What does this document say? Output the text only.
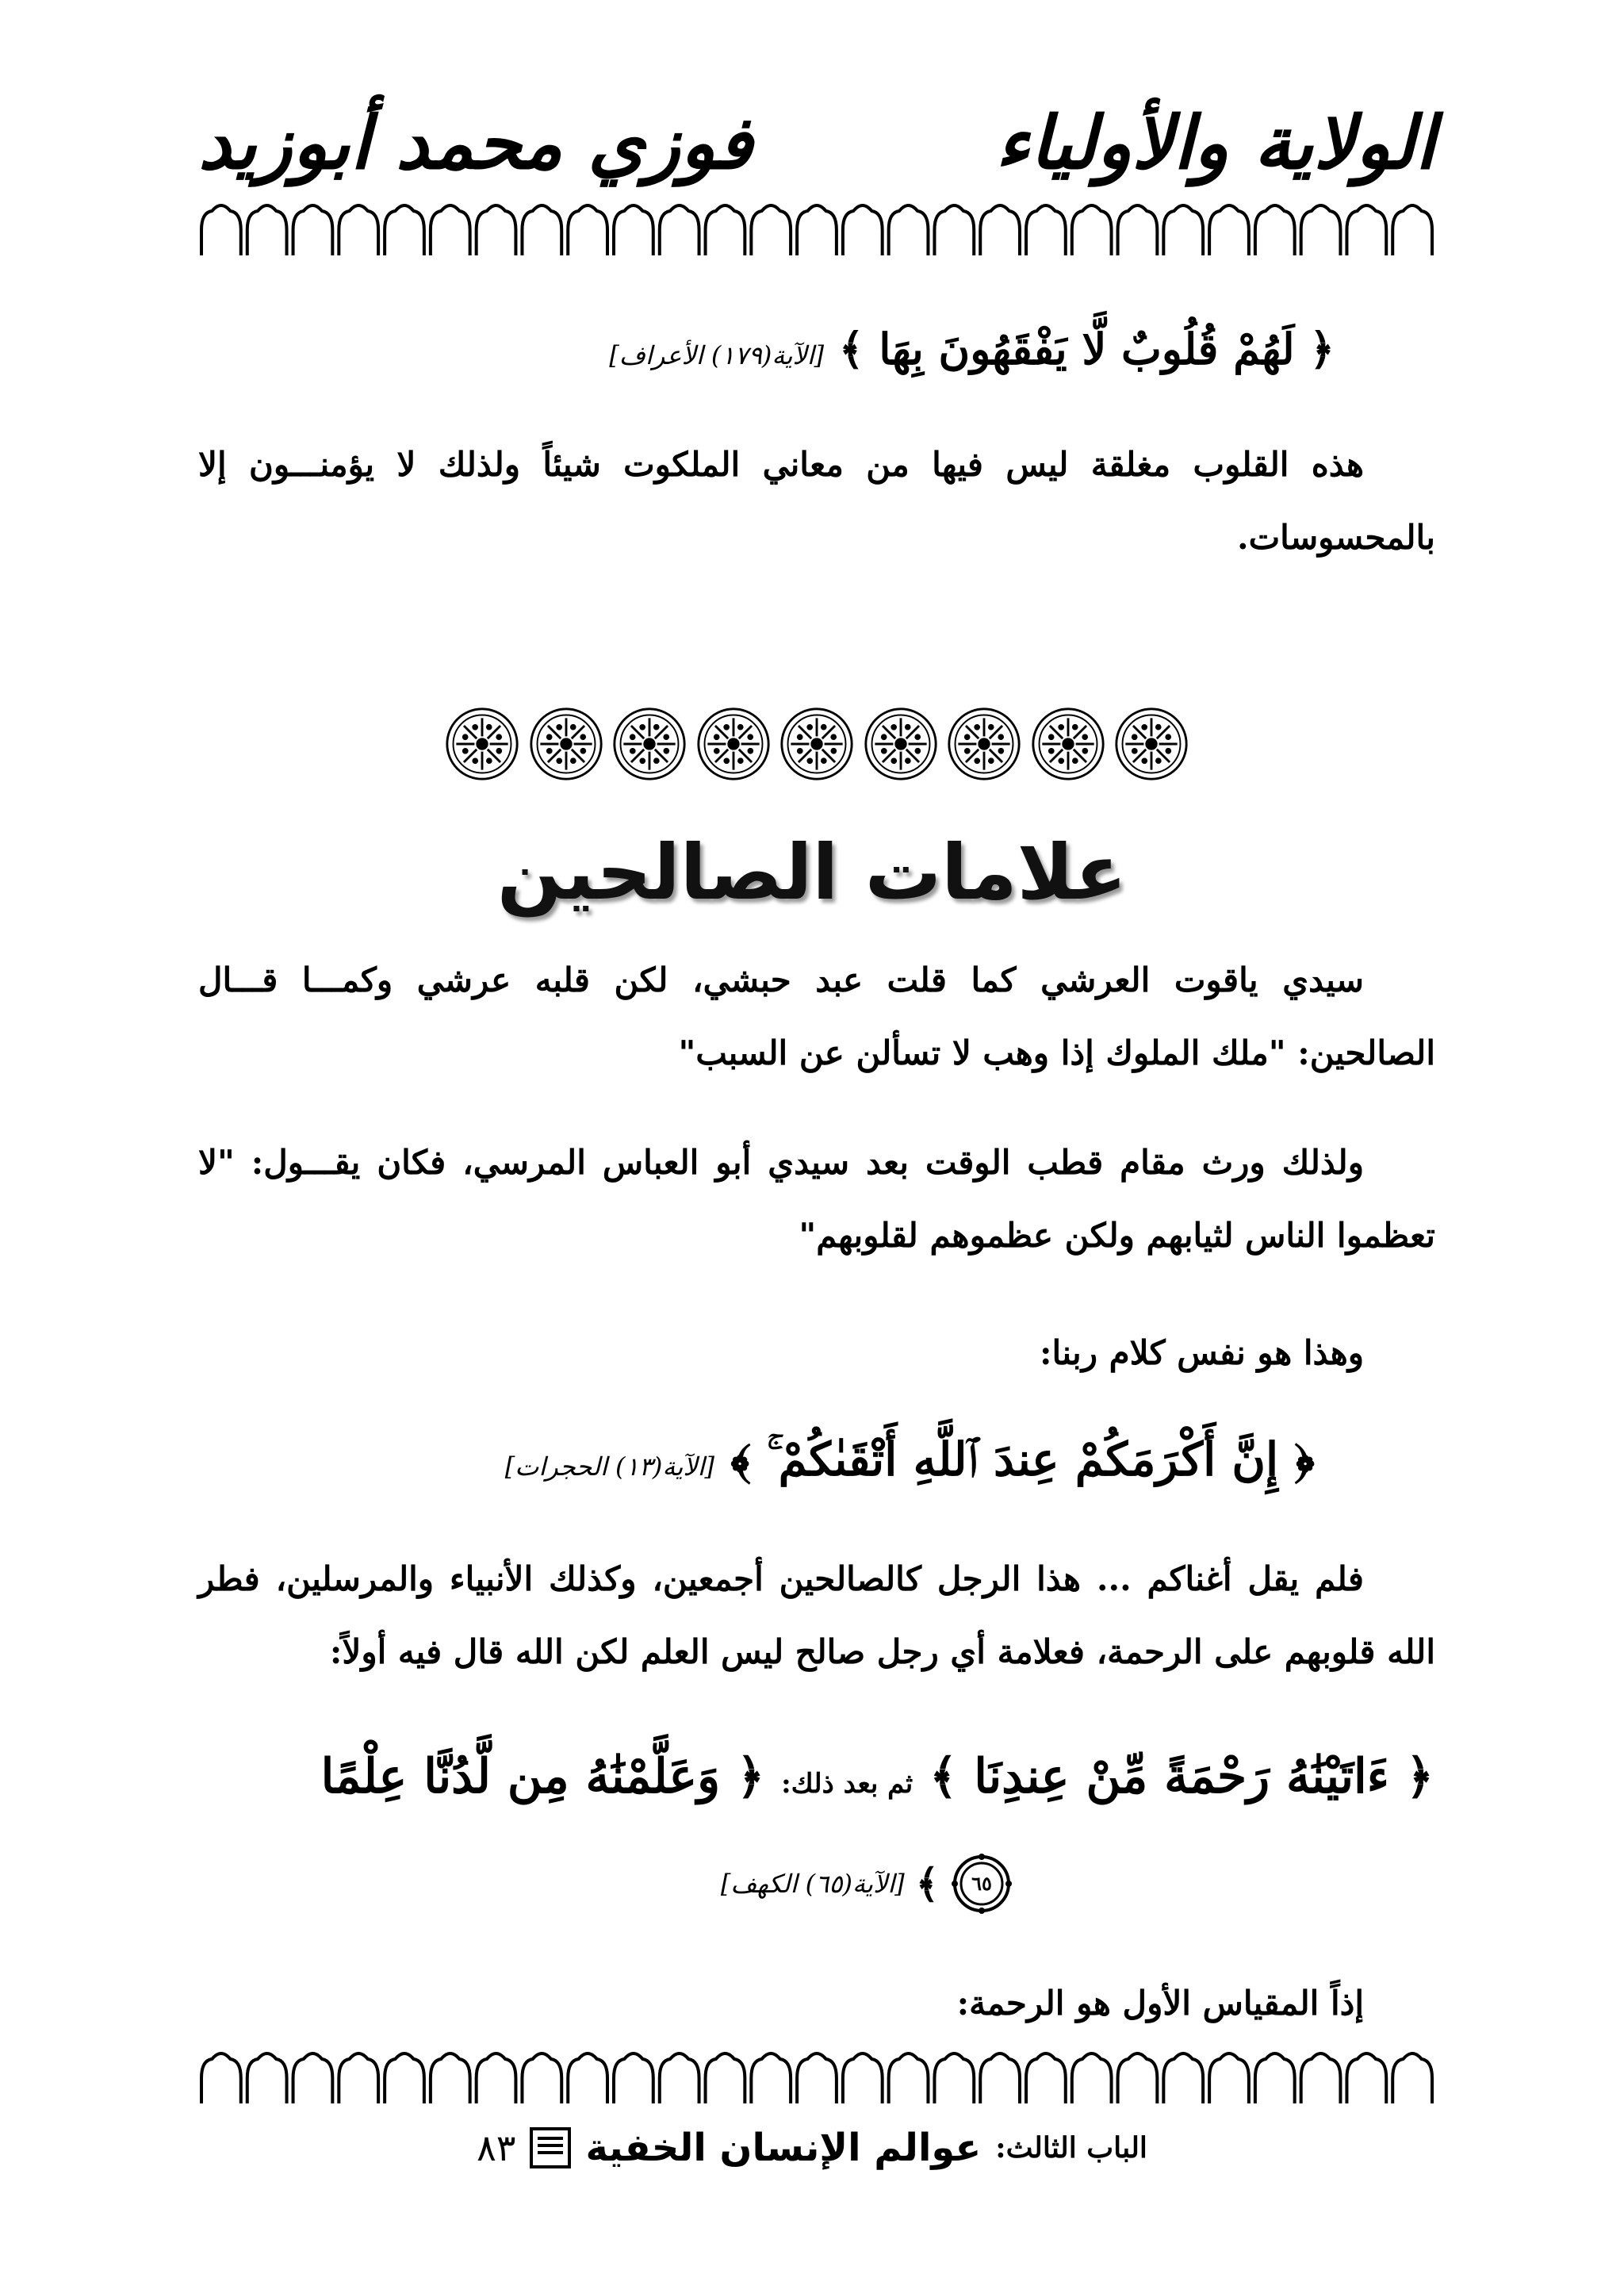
الولاية والأولياء
فوزي محمد أبوزيد
﴿ لَهُمْ قُلُوبٌ لَّا يَفْقَهُونَ بِهَا ﴾ [الآية(١٧٩) الأعراف]
هذه القلوب مغلقة ليس فيها من معاني الملكوت شيئاً ولذلك لا يؤمنـــون إلا بالمحسوسات.
علامات الصالحين
سيدي ياقوت العرشي كما قلت عبد حبشي، لكن قلبه عرشي وكمـــا قـــال الصالحين: "ملك الملوك إذا وهب لا تسألن عن السبب"
ولذلك ورث مقام قطب الوقت بعد سيدي أبو العباس المرسي، فكان يقـــول: "لا تعظموا الناس لثيابهم ولكن عظموهم لقلوبهم"
وهذا هو نفس كلام ربنا:
﴿ إِنَّ أَكْرَمَكُمْ عِندَ ٱللَّهِ أَتْقَىٰكُمْ ۚ ﴾ [الآية(١٣) الحجرات]
فلم يقل أغناكم ... هذا الرجل كالصالحين أجمعين، وكذلك الأنبياء والمرسلين، فطر الله قلوبهم على الرحمة، فعلامة أي رجل صالح ليس العلم لكن الله قال فيه أولاً:
﴿ ءَاتَيْنَٰهُ رَحْمَةً مِّنْ عِندِنَا ﴾ ثم بعد ذلك: ﴿ وَعَلَّمْنَٰهُ مِن لَّدُنَّا عِلْمًا
٦٥
﴾
[الآية(٦٥) الكهف]
إذاً المقياس الأول هو الرحمة:
الباب الثالث:
عوالم الإنسان الخفية
٨٣
